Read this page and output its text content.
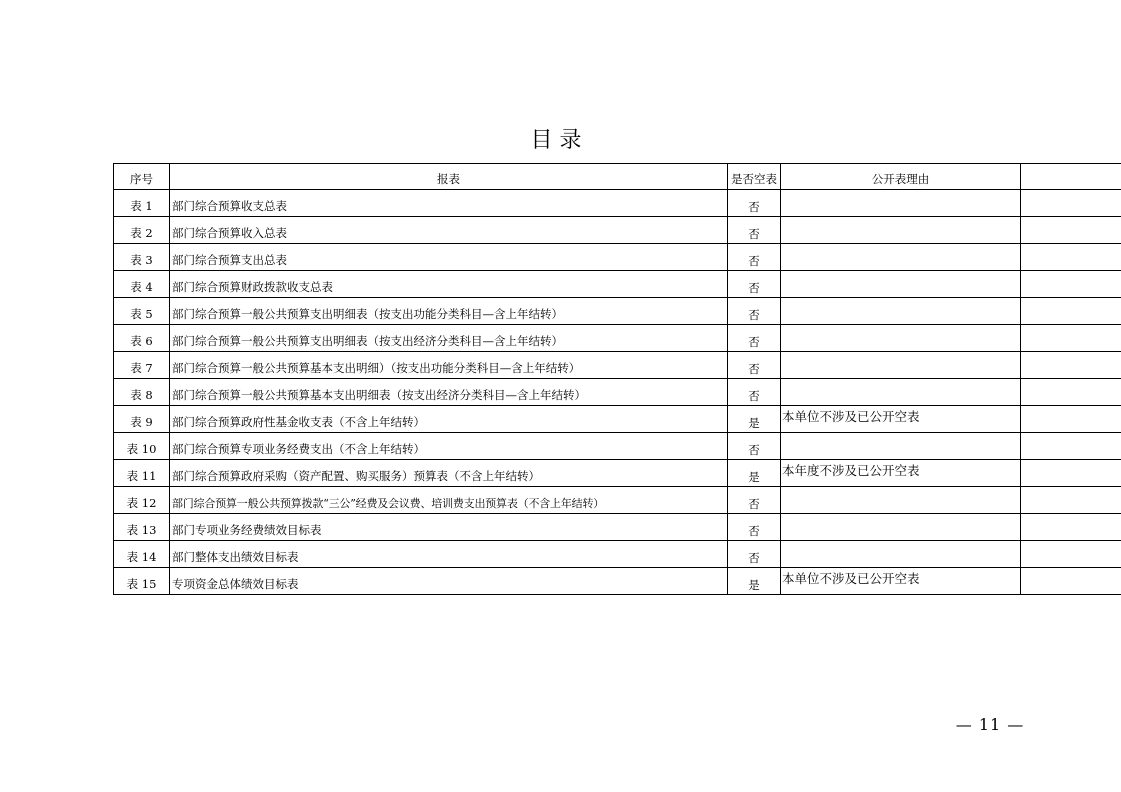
目 录
序号	报表	是否空表	公开表理由	
表 1	部门综合预算收支总表	否		
表 2	部门综合预算收入总表	否		
表 3	部门综合预算支出总表	否		
表 4	部门综合预算财政拨款收支总表	否		
表 5	部门综合预算一般公共预算支出明细表（按支出功能分类科目—含上年结转）	否		
表 6	部门综合预算一般公共预算支出明细表（按支出经济分类科目—含上年结转）	否		
表 7	部门综合预算一般公共预算基本支出明细）（按支出功能分类科目—含上年结转）	否		
表 8	部门综合预算一般公共预算基本支出明细表（按支出经济分类科目—含上年结转）	否		
表 9	部门综合预算政府性基金收支表（不含上年结转）	是	本单位不涉及已公开空表	
表 10	部门综合预算专项业务经费支出（不含上年结转）	否		
表 11	部门综合预算政府采购（资产配置、购买服务）预算表（不含上年结转）	是	本年度不涉及已公开空表	
表 12	部门综合预算一般公共预算拨款“三公”经费及会议费、培训费支出预算表（不含上年结转）	否		
表 13	部门专项业务经费绩效目标表	否		
表 14	部门整体支出绩效目标表	否		
表 15	专项资金总体绩效目标表	是	本单位不涉及已公开空表	
— 11 —
